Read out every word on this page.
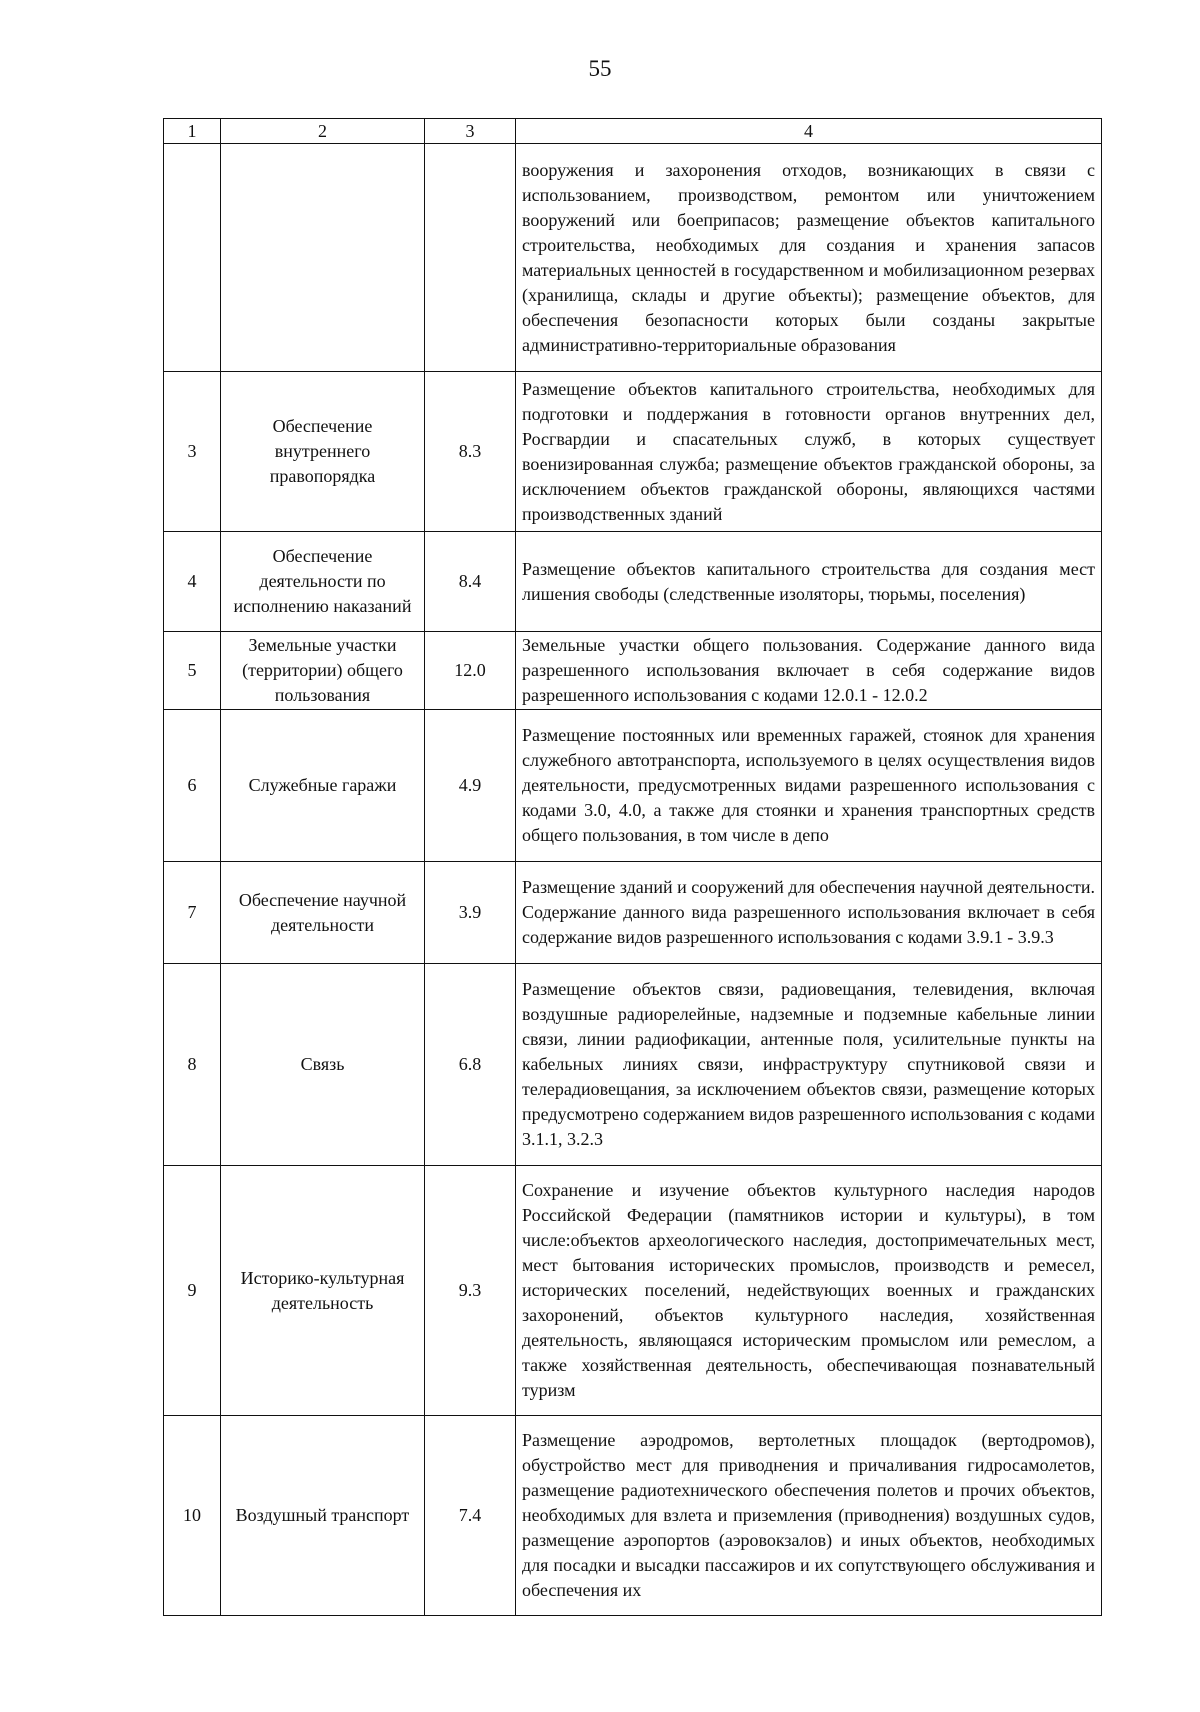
55
1	2	3	4
			вооружения и захоронения отходов, возникающих в связи с использованием, производством, ремонтом или уничтожением вооружений или боеприпасов; размещение объектов капитального строительства, необходимых для создания и хранения запасов материальных ценностей в государственном и мобилизационном резервах (хранилища, склады и другие объекты); размещение объектов, для обеспечения безопасности которых были созданы закрытые административно-территориальные образования
3	Обеспечение внутреннего правопорядка	8.3	Размещение объектов капитального строительства, необходимых для подготовки и поддержания в готовности органов внутренних дел, Росгвардии и спасательных служб, в которых существует военизированная служба; размещение объектов гражданской обороны, за исключением объектов гражданской обороны, являющихся частями производственных зданий
4	Обеспечение деятельности по исполнению наказаний	8.4	Размещение объектов капитального строительства для создания мест лишения свободы (следственные изоляторы, тюрьмы, поселения)
5	Земельные участки (территории) общего пользования	12.0	Земельные участки общего пользования. Содержание данного вида разрешенного использования включает в себя содержание видов разрешенного использования с кодами 12.0.1 - 12.0.2
6	Служебные гаражи	4.9	Размещение постоянных или временных гаражей, стоянок для хранения служебного автотранспорта, используемого в целях осуществления видов деятельности, предусмотренных видами разрешенного использования с кодами 3.0, 4.0, а также для стоянки и хранения транспортных средств общего пользования, в том числе в депо
7	Обеспечение научной деятельности	3.9	Размещение зданий и сооружений для обеспечения научной деятельности. Содержание данного вида разрешенного использования включает в себя содержание видов разрешенного использования с кодами 3.9.1 - 3.9.3
8	Связь	6.8	Размещение объектов связи, радиовещания, телевидения, включая воздушные радиорелейные, надземные и подземные кабельные линии связи, линии радиофикации, антенные поля, усилительные пункты на кабельных линиях связи, инфраструктуру спутниковой связи и телерадиовещания, за исключением объектов связи, размещение которых предусмотрено содержанием видов разрешенного использования с кодами 3.1.1, 3.2.3
9	Историко-культурная деятельность	9.3	Сохранение и изучение объектов культурного наследия народов Российской Федерации (памятников истории и культуры), в том числе:объектов археологического наследия, достопримечательных мест, мест бытования исторических промыслов, производств и ремесел, исторических поселений, недействующих военных и гражданских захоронений, объектов культурного наследия, хозяйственная деятельность, являющаяся историческим промыслом или ремеслом, а также хозяйственная деятельность, обеспечивающая познавательный туризм
10	Воздушный транспорт	7.4	Размещение аэродромов, вертолетных площадок (вертодромов), обустройство мест для приводнения и причаливания гидросамолетов, размещение радиотехнического обеспечения полетов и прочих объектов, необходимых для взлета и приземления (приводнения) воздушных судов, размещение аэропортов (аэровокзалов) и иных объектов, необходимых для посадки и высадки пассажиров и их сопутствующего обслуживания и обеспечения их
